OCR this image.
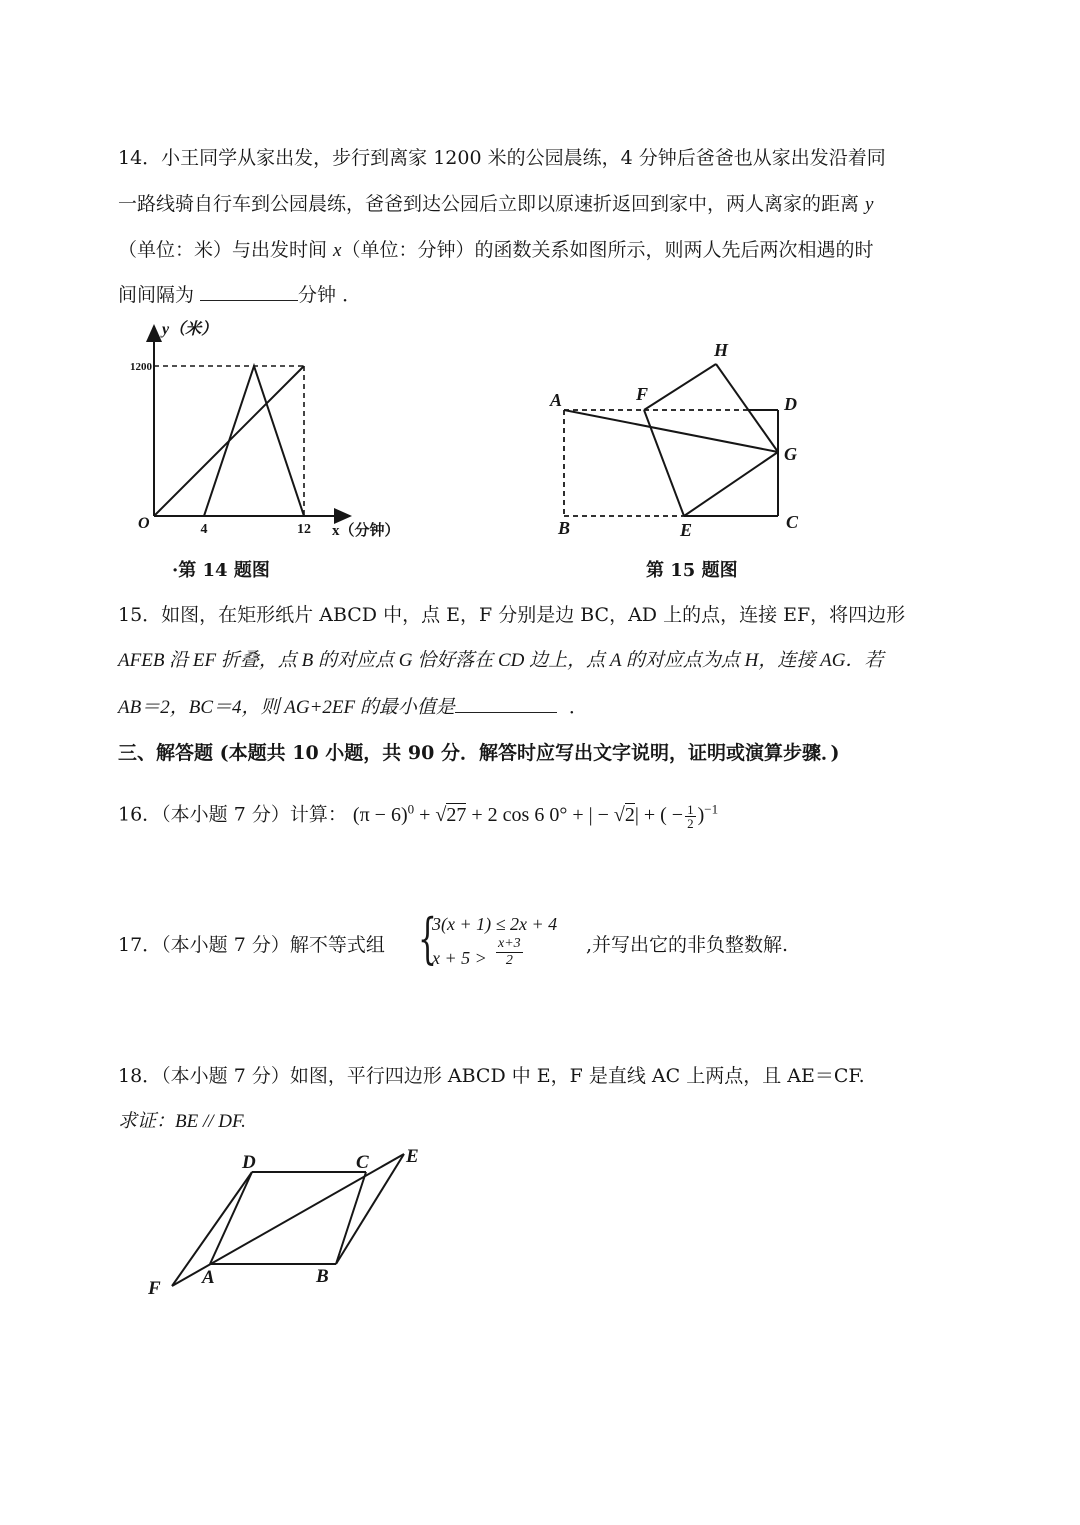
14．小王同学从家出发，步行到离家 1200 米的公园晨练，4 分钟后爸爸也从家出发沿着同
一路线骑自行车到公园晨练，爸爸到达公园后立即以原速折返回到家中，两人离家的距离 y
（单位：米）与出发时间 x（单位：分钟）的函数关系如图所示，则两人先后两次相遇的时
间间隔为	分钟 ．
y（米）
x（分钟）
O	4	12
1200
·第 14 题图
A
B	C
D
E
F
G
H
第 15 题图
15．如图，在矩形纸片 ABCD 中，点 E，F 分别是边 BC，AD 上的点，连接 EF，将四边形
AFEB 沿 EF 折叠，点 B 的对应点 G 恰好落在 CD 边上，点 A 的对应点为点 H，连接 AG．若
AB＝2，BC＝4，则 AG+2EF 的最小值是	．
三、解答题 (本题共 10 小题，共 90 分．解答时应写出文字说明，证明或演算步骤．)
16．（本小题 7 分）计算： $(\pi - 6)^0 + √27 + 2$ cos 6 0° + | − √2| + ( − $\frac{1}{2} )^{-1}$
17．（本小题 7 分）解不等式组 {
3(x + 1) ≤ 2x + 4
$x + 5 > \frac{x+3}{2}$	,并写出它的非负整数解.
18．（本小题 7 分）如图，平行四边形 ABCD 中 E，F 是直线 AC 上两点，且 AE＝CF.
求证：BE // DF.
D	C E
A	B
F
